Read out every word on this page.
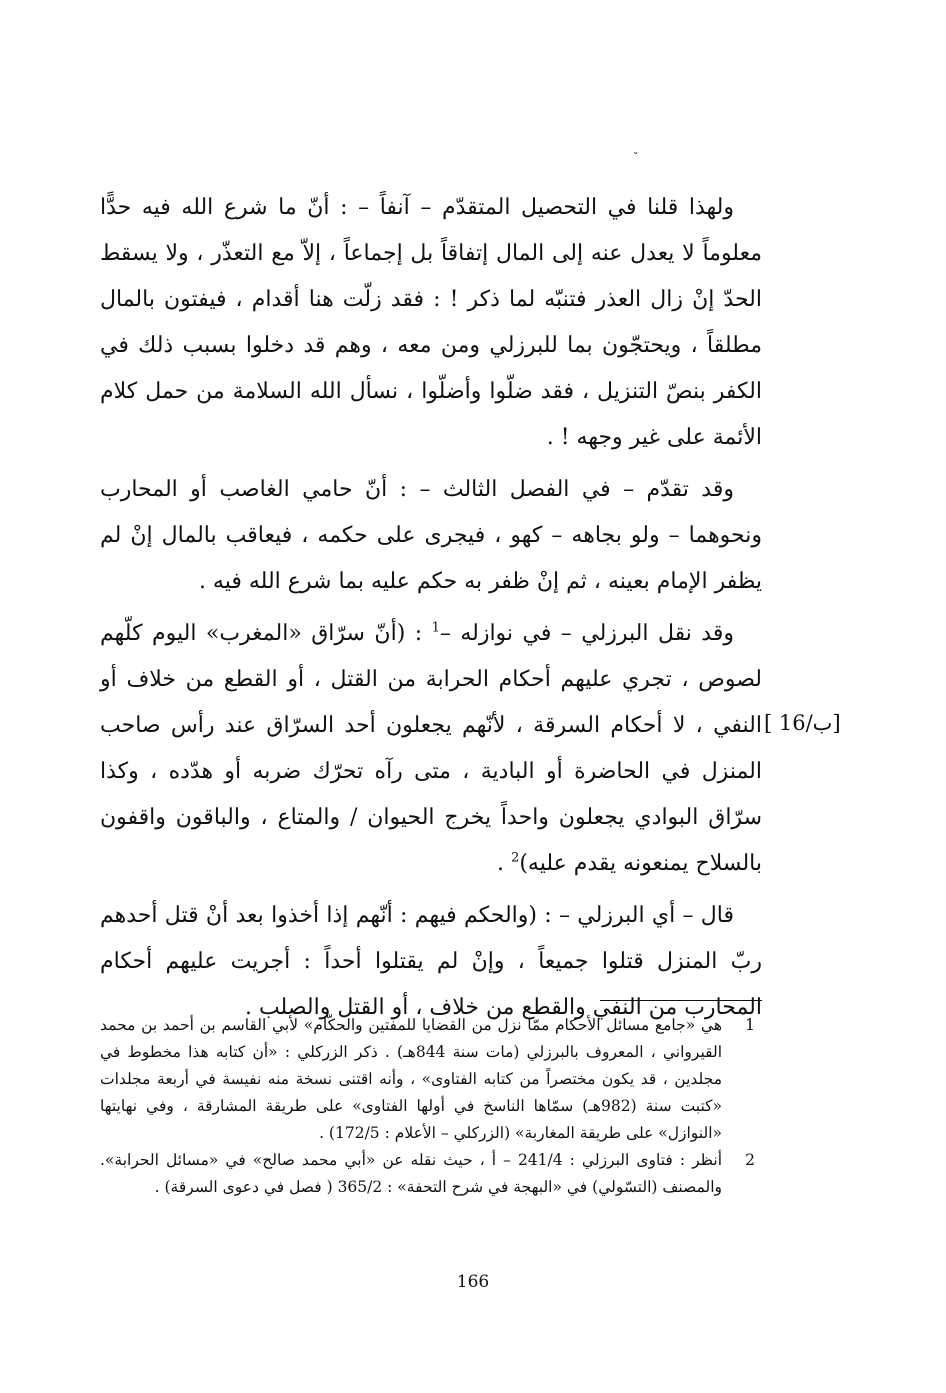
ˇ

ولهذا قلنا في التحصيل المتقدّم – آنفاً – : أنّ ما شرع الله فيه حدًّا معلوماً لا يعدل عنه إلى المال إتفاقاً بل إجماعاً ، إلاّ مع التعذّر ، ولا يسقط الحدّ إنْ زال العذر فتنبّه لما ذكر ! : فقد زلّت هنا أقدام ، فيفتون بالمال مطلقاً ، ويحتجّون بما للبرزلي ومن معه ، وهم قد دخلوا بسبب ذلك في الكفر بنصّ التنزيل ، فقد ضلّوا وأضلّوا ، نسأل الله السلامة من حمل كلام الأئمة على غير وجهه ! .

وقد تقدّم – في الفصل الثالث – : أنّ حامي الغاصب أو المحارب ونحوهما – ولو بجاهه – كهو ، فيجرى على حكمه ، فيعاقب بالمال إنْ لم يظفر الإمام بعينه ، ثم إنْ ظفر به حكم عليه بما شرع الله فيه .

وقد نقل البرزلي – في نوازله –$^1$ : (أنّ سرّاق «المغرب» اليوم كلّهم لصوص ، تجري عليهم أحكام الحرابة من القتل ، أو القطع من خلاف أو النفي ، لا أحكام السرقة ، لأنّهم يجعلون أحد السرّاق عند رأس صاحب المنزل في الحاضرة أو البادية ، متى رآه تحرّك ضربه أو هدّده ، وكذا سرّاق البوادي يجعلون واحداً يخرج الحيوان / والمتاع ، والباقون واقفون بالسلاح يمنعونه يقدم عليه)$^2$ .

قال – أي البرزلي – : (والحكم فيهم : أنّهم إذا أخذوا بعد أنْ قتل أحدهم ربّ المنزل قتلوا جميعاً ، وإنْ لم يقتلوا أحداً : أجريت عليهم أحكام المحارب من النفي والقطع من خلاف ، أو القتل والصلب .

[ 16/ب]
1
هي «جامع مسائل الأحكام ممّا نزل من القضايا للمفتين والحكّام» لأبي القاسم بن أحمد بن محمد القيرواني ، المعروف بالبرزلي (مات سنة 844هـ) . ذكر الزركلي : «أن كتابه هذا مخطوط في مجلدين ، قد يكون مختصراً من كتابه الفتاوى» ، وأنه اقتنى نسخة منه نفيسة في أربعة مجلدات «كتبت سنة (982هـ) سمّاها الناسخ في أولها الفتاوى» على طريقة المشارقة ، وفي نهايتها «النوازل» على طريقة المغاربة» (الزركلي – الأعلام : 172/5) .
2
أنظر : فتاوى البرزلي : 241/4 – أ ، حيث نقله عن «أبي محمد صالح» في «مسائل الحرابة». والمصنف (التسّولي) في «البهجة في شرح التحفة» : 365/2 ( فصل في دعوى السرقة) .
166
